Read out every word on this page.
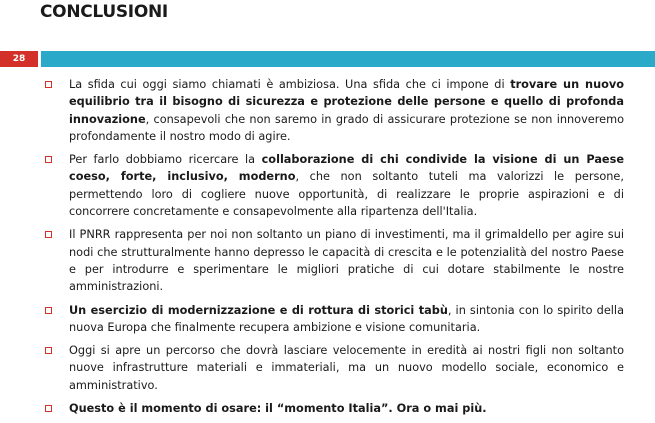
CONCLUSIONI
28
La sfida cui oggi siamo chiamati è ambiziosa. Una sfida che ci impone di trovare un nuovo equilibrio tra il bisogno di sicurezza e protezione delle persone e quello di profonda innovazione, consapevoli che non saremo in grado di assicurare protezione se non innoveremo profondamente il nostro modo di agire.
Per farlo dobbiamo ricercare la collaborazione di chi condivide la visione di un Paese coeso, forte, inclusivo, moderno, che non soltanto tuteli ma valorizzi le persone, permettendo loro di cogliere nuove opportunità, di realizzare le proprie aspirazioni e di concorrere concretamente e consapevolmente alla ripartenza dell'Italia.
Il PNRR rappresenta per noi non soltanto un piano di investimenti, ma il grimaldello per agire sui nodi che strutturalmente hanno depresso le capacità di crescita e le potenzialità del nostro Paese e per introdurre e sperimentare le migliori pratiche di cui dotare stabilmente le nostre amministrazioni.
Un esercizio di modernizzazione e di rottura di storici tabù, in sintonia con lo spirito della nuova Europa che finalmente recupera ambizione e visione comunitaria.
Oggi si apre un percorso che dovrà lasciare velocemente in eredità ai nostri figli non soltanto nuove infrastrutture materiali e immateriali, ma un nuovo modello sociale, economico e amministrativo.
Questo è il momento di osare: il “momento Italia”. Ora o mai più.
